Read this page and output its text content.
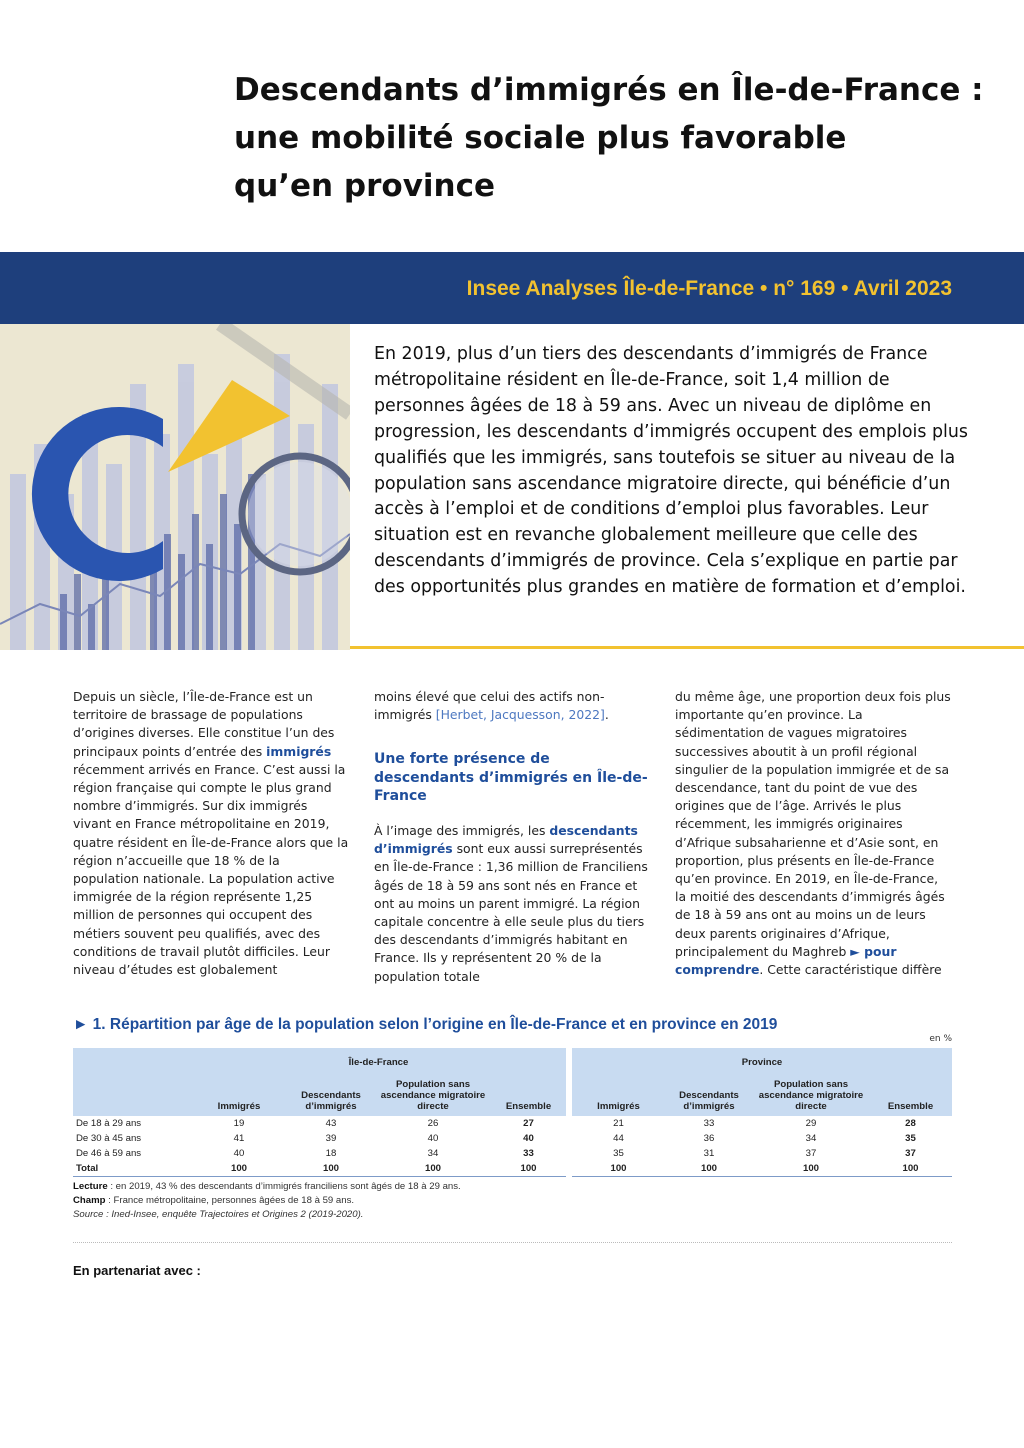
Descendants d’immigrés en Île-de-France :
une mobilité sociale plus favorable
qu’en province
Insee Analyses Île-de-France • n° 169 • Avril 2023

En 2019, plus d’un tiers des descendants d’immigrés de France métropolitaine résident en Île-de-France, soit 1,4 million de personnes âgées de 18 à 59 ans. Avec un niveau de diplôme en progression, les descendants d’immigrés occupent des emplois plus qualifiés que les immigrés, sans toutefois se situer au niveau de la population sans ascendance migratoire directe, qui bénéficie d’un accès à l’emploi et de conditions d’emploi plus favorables. Leur situation est en revanche globalement meilleure que celle des descendants d’immigrés de province. Cela s’explique en partie par des opportunités plus grandes en matière de formation et d’emploi.

Depuis un siècle, l’Île-de-France est un territoire de brassage de populations d’origines diverses. Elle constitue l’un des principaux points d’entrée des immigrés récemment arrivés en France. C’est aussi la région française qui compte le plus grand nombre d’immigrés. Sur dix immigrés vivant en France métropolitaine en 2019, quatre résident en Île-de-France alors que la région n’accueille que 18 % de la population nationale. La population active immigrée de la région représente 1,25 million de personnes qui occupent des métiers souvent peu qualifiés, avec des conditions de travail plutôt difficiles. Leur niveau d’études est globalement

moins élevé que celui des actifs non-immigrés [Herbet, Jacquesson, 2022].

Une forte présence de descendants d’immigrés en Île-de-France

À l’image des immigrés, les descendants d’immigrés sont eux aussi surreprésentés en Île-de-France : 1,36 million de Franciliens âgés de 18 à 59 ans sont nés en France et ont au moins un parent immigré. La région capitale concentre à elle seule plus du tiers des descendants d’immigrés habitant en France. Ils y représentent 20 % de la population totale

du même âge, une proportion deux fois plus importante qu’en province. La sédimentation de vagues migratoires successives aboutit à un profil régional singulier de la population immigrée et de sa descendance, tant du point de vue des origines que de l’âge. Arrivés le plus récemment, les immigrés originaires d’Afrique subsaharienne et d’Asie sont, en proportion, plus présents en Île-de-France qu’en province. En 2019, en Île-de-France, la moitié des descendants d’immigrés âgés de 18 à 59 ans ont au moins un de leurs deux parents originaires d’Afrique, principalement du Maghreb ► pour comprendre. Cette caractéristique diffère

► 1. Répartition par âge de la population selon l’origine en Île-de-France et en province en 2019
en %
	Île-de-France				Province			
	Immigrés	Descendants d’immigrés	Population sans ascendance migratoire directe	Ensemble	Immigrés	Descendants d’immigrés	Population sans ascendance migratoire directe	Ensemble
De 18 à 29 ans	19	43	26	27	21	33	29	28
De 30 à 45 ans	41	39	40	40	44	36	34	35
De 46 à 59 ans	40	18	34	33	35	31	37	37
Total	100	100	100	100	100	100	100	100

Lecture : en 2019, 43 % des descendants d’immigrés franciliens sont âgés de 18 à 29 ans.

Champ : France métropolitaine, personnes âgées de 18 à 59 ans.

Source : Ined-Insee, enquête Trajectoires et Origines 2 (2019-2020).

En partenariat avec :
